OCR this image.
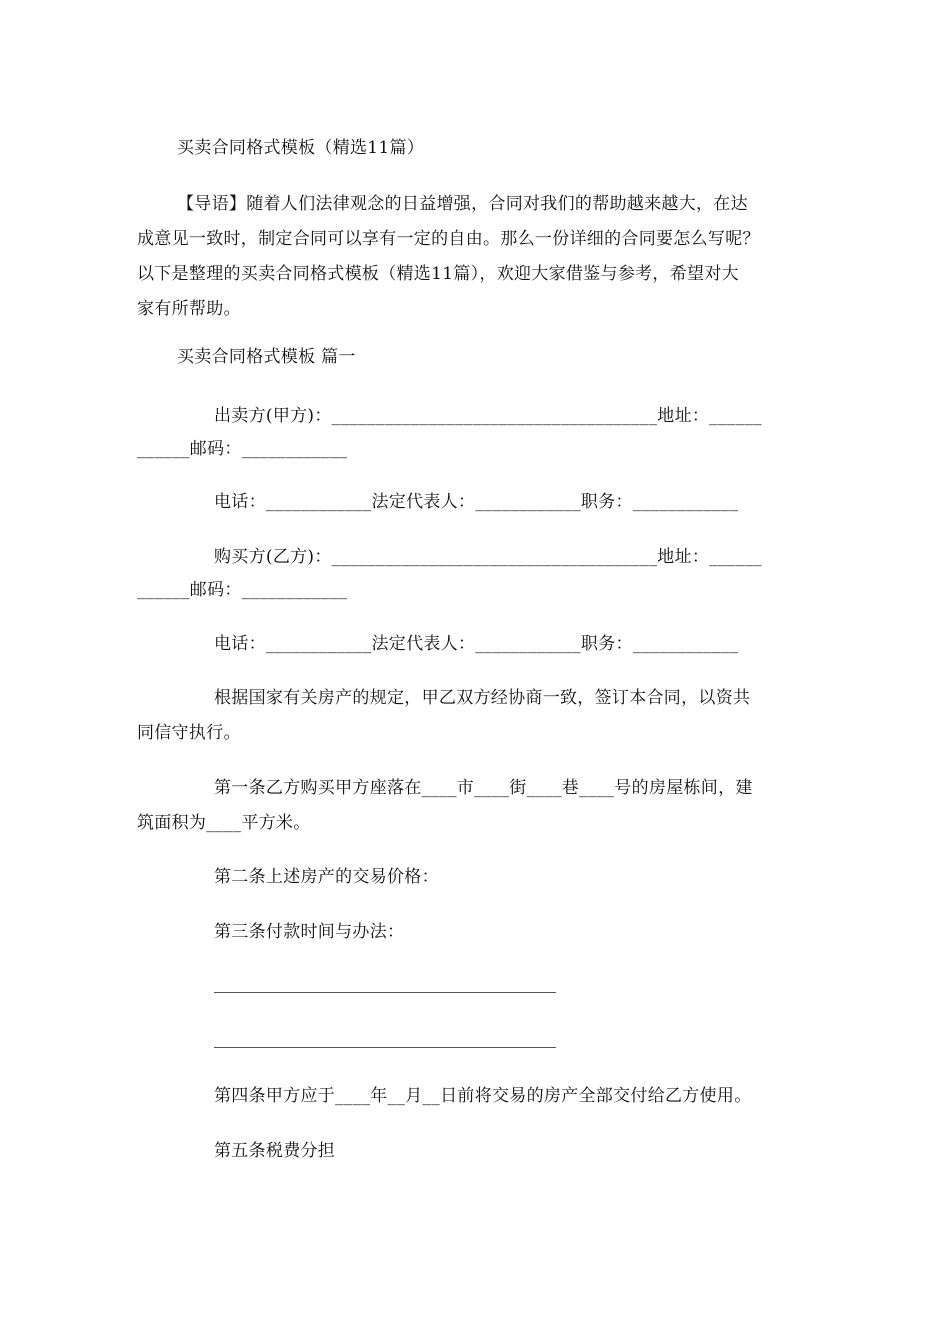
买卖合同格式模板（精选11篇）
【导语】随着人们法律观念的日益增强，合同对我们的帮助越来越大，在达
成意见一致时，制定合同可以享有一定的自由。那么一份详细的合同要怎么写呢？
以下是整理的买卖合同格式模板（精选11篇），欢迎大家借鉴与参考，希望对大
家有所帮助。
买卖合同格式模板 篇一
出卖方(甲方)：_____________________________________地址：______
______邮码：____________
电话：____________法定代表人：____________职务：____________
购买方(乙方)：_____________________________________地址：______
______邮码：____________
电话：____________法定代表人：____________职务：____________
根据国家有关房产的规定，甲乙双方经协商一致，签订本合同，以资共
同信守执行。
第一条乙方购买甲方座落在____市____街____巷____号的房屋栋间，建
筑面积为____平方米。
第二条上述房产的交易价格：
第三条付款时间与办法：
第四条甲方应于____年__月__日前将交易的房产全部交付给乙方使用。
第五条税费分担
